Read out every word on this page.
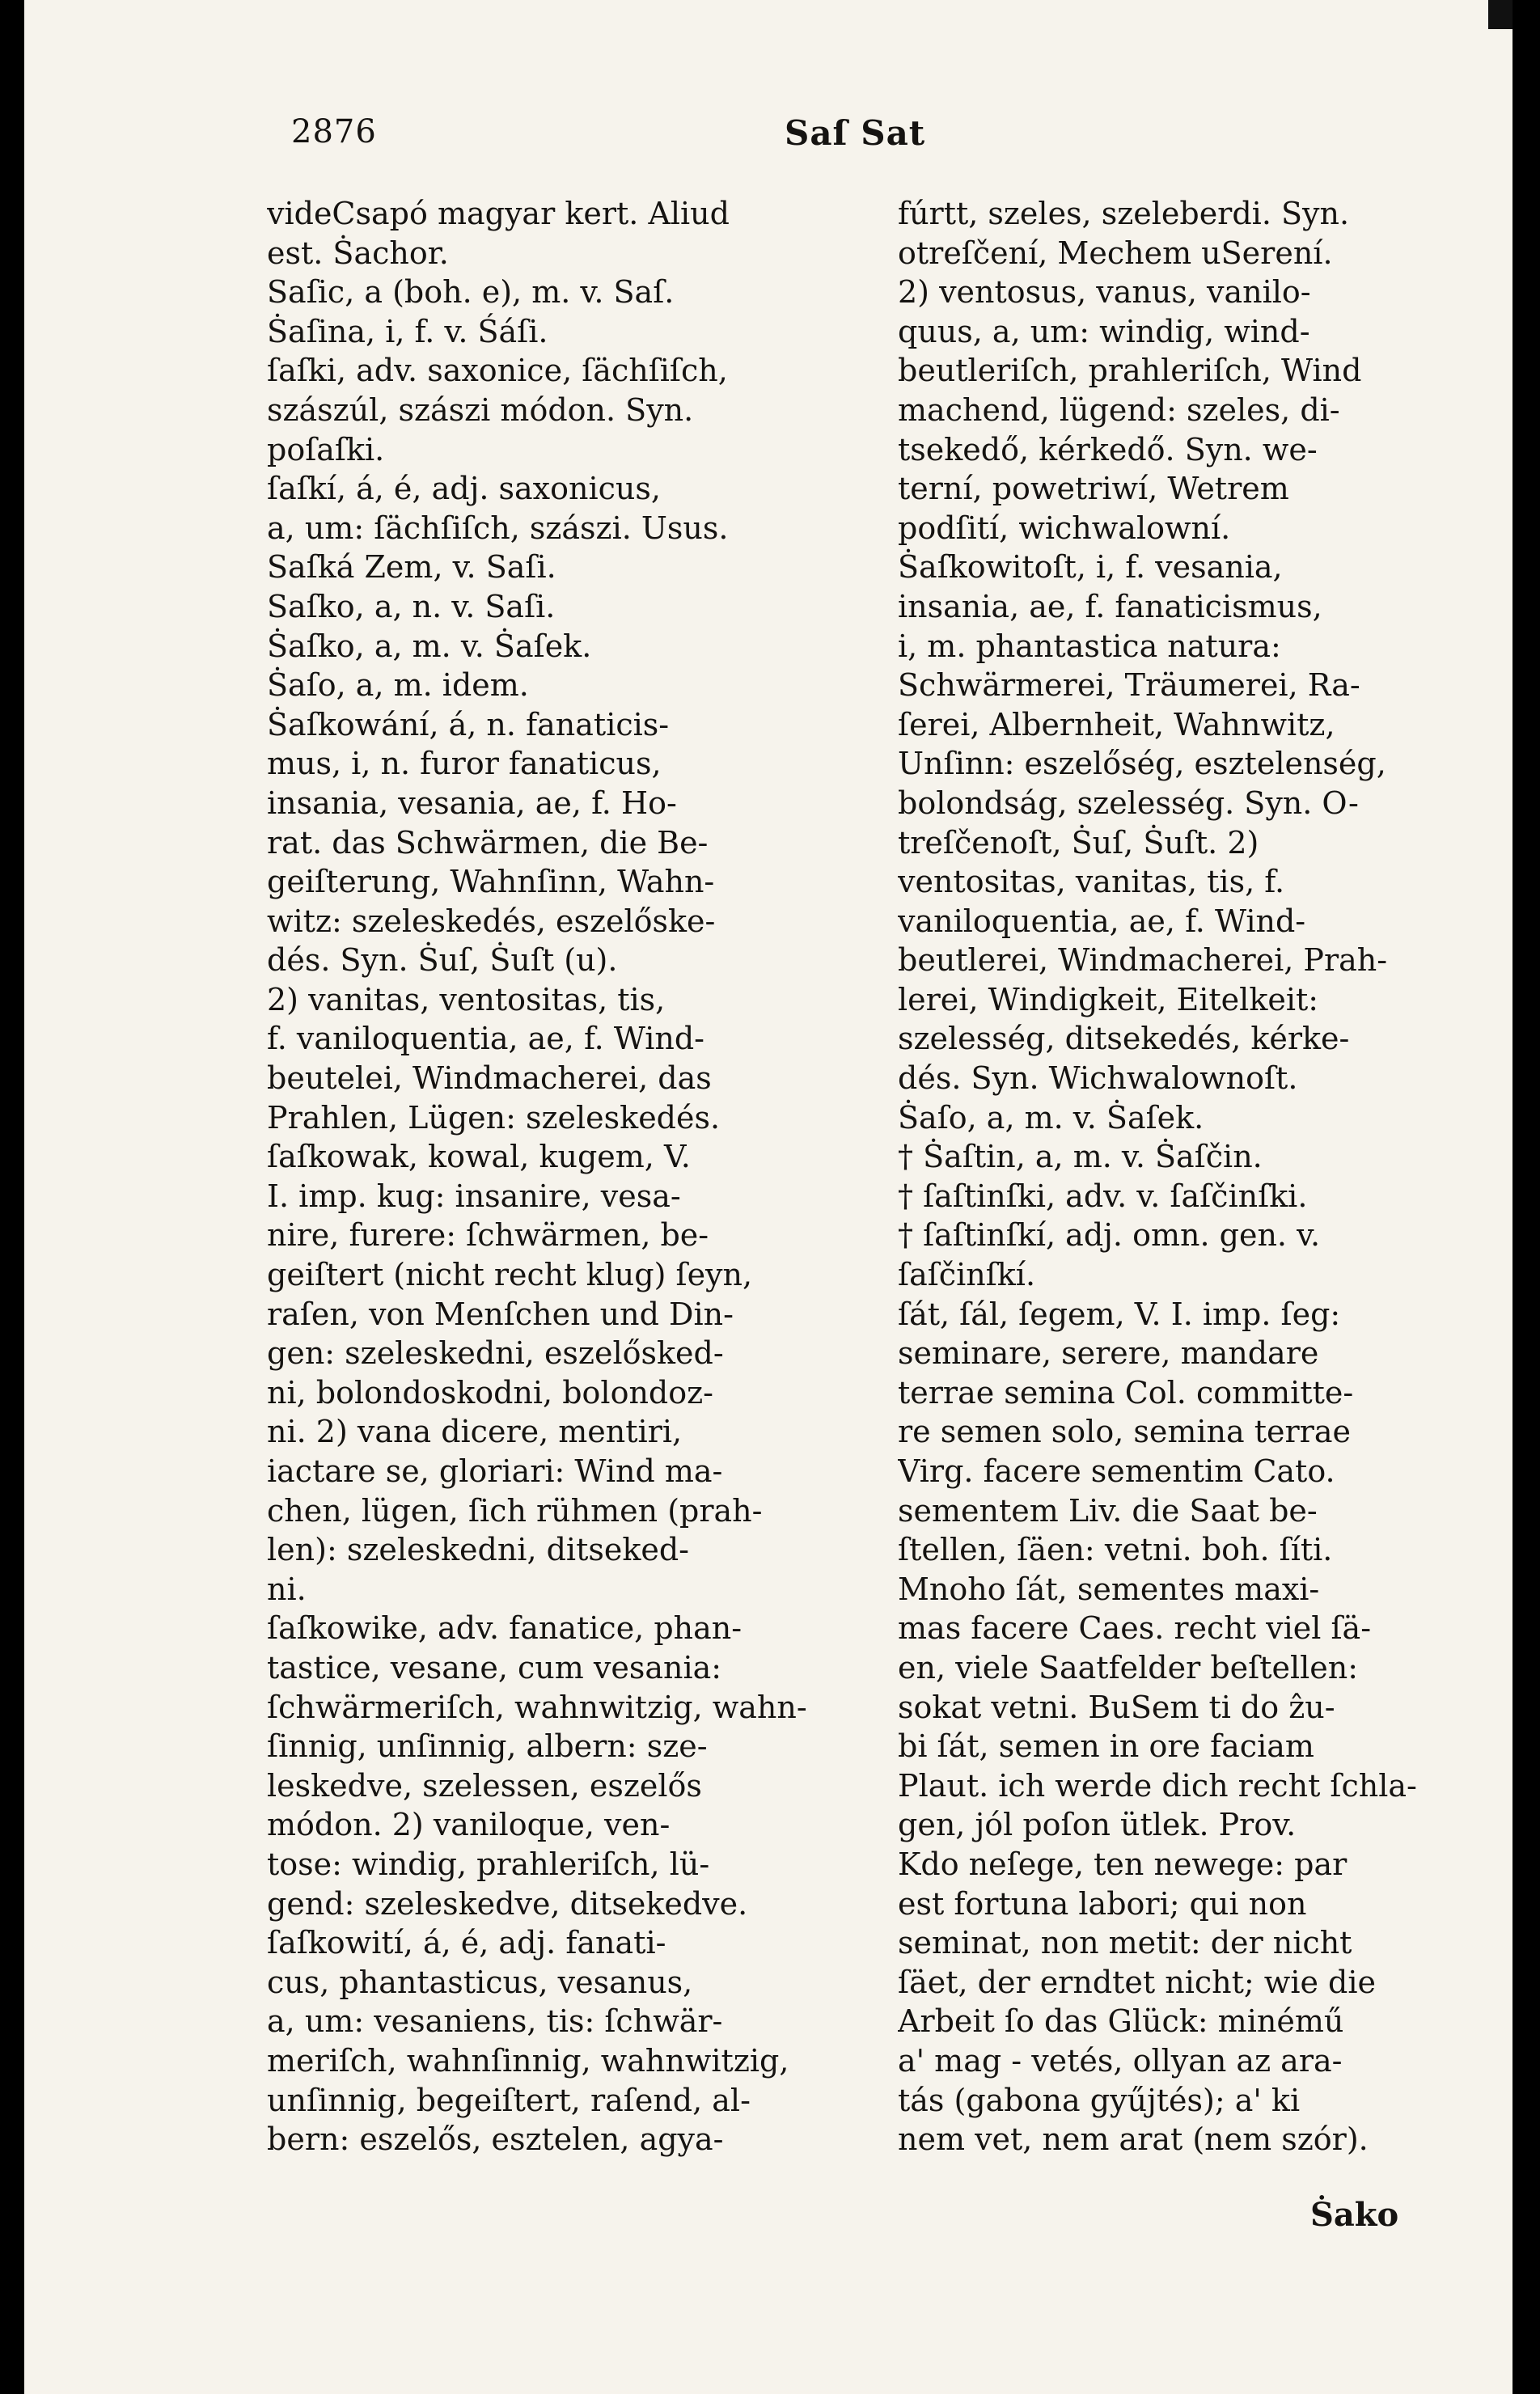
2876	Saſ Sat
videCsapó magyar kert. Aliud
est. Ṡachor.
Saſic, a (boh. e), m. v. Saſ.
Ṡaſina, i, f. v. Śáſi.
ſaſki, adv. saxonice, ſächſiſch,
szászúl, szászi módon. Syn.
poſaſki.
ſaſkí, á, é, adj. saxonicus,
a, um: ſächſiſch, szászi. Usus.
Saſká Zem, v. Saſi.
Saſko, a, n. v. Saſi.
Ṡaſko, a, m. v. Ṡaſek.
Ṡaſo, a, m. idem.
Ṡaſkowání, á, n. fanaticis-
mus, i, n. furor fanaticus,
insania, vesania, ae, f. Ho-
rat. das Schwärmen, die Be-
geiſterung, Wahnſinn, Wahn-
witz: szeleskedés, eszelőske-
dés. Syn. Ṡuſ, Ṡuſt (u).
2) vanitas, ventositas, tis,
f. vaniloquentia, ae, f. Wind-
beutelei, Windmacherei, das
Prahlen, Lügen: szeleskedés.
ſaſkowak, kowal, kugem, V.
I. imp. kug: insanire, vesa-
nire, furere: ſchwärmen, be-
geiſtert (nicht recht klug) ſeyn,
raſen, von Menſchen und Din-
gen: szeleskedni, eszelősked-
ni, bolondoskodni, bolondoz-
ni. 2) vana dicere, mentiri,
iactare se, gloriari: Wind ma-
chen, lügen, ſich rühmen (prah-
len): szeleskedni, ditseked-
ni.
ſaſkowike, adv. fanatice, phan-
tastice, vesane, cum vesania:
ſchwärmeriſch, wahnwitzig, wahn-
ſinnig, unſinnig, albern: sze-
leskedve, szelessen, eszelős
módon. 2) vaniloque, ven-
tose: windig, prahleriſch, lü-
gend: szeleskedve, ditsekedve.
ſaſkowití, á, é, adj. fanati-
cus, phantasticus, vesanus,
a, um: vesaniens, tis: ſchwär-
meriſch, wahnſinnig, wahnwitzig,
unſinnig, begeiſtert, raſend, al-
bern: eszelős, esztelen, agya-
fúrtt, szeles, szeleberdi. Syn.
otreſčení, Mechem uSerení.
2) ventosus, vanus, vanilo-
quus, a, um: windig, wind-
beutleriſch, prahleriſch, Wind
machend, lügend: szeles, di-
tsekedő, kérkedő. Syn. we-
terní, powetriwí, Wetrem
podſití, wichwalowní.
Ṡaſkowitoſt, i, f. vesania,
insania, ae, f. fanaticismus,
i, m. phantastica natura:
Schwärmerei, Träumerei, Ra-
ſerei, Albernheit, Wahnwitz,
Unſinn: eszelőség, esztelenség,
bolondság, szelesség. Syn. O-
treſčenoſt, Ṡuſ, Ṡuſt. 2)
ventositas, vanitas, tis, f.
vaniloquentia, ae, f. Wind-
beutlerei, Windmacherei, Prah-
lerei, Windigkeit, Eitelkeit:
szelesség, ditsekedés, kérke-
dés. Syn. Wichwalownoſt.
Ṡaſo, a, m. v. Ṡaſek.
† Ṡaſtin, a, m. v. Ṡaſčin.
† ſaſtinſki, adv. v. ſaſčinſki.
† ſaſtinſkí, adj. omn. gen. v.
ſaſčinſkí.
ſát, ſál, ſegem, V. I. imp. ſeg:
seminare, serere, mandare
terrae semina Col. committe-
re semen solo, semina terrae
Virg. facere sementim Cato.
sementem Liv. die Saat be-
ſtellen, ſäen: vetni. boh. ſíti.
Mnoho ſát, sementes maxi-
mas facere Caes. recht viel ſä-
en, viele Saatfelder beſtellen:
sokat vetni. BuSem ti do ẑu-
bi ſát, semen in ore faciam
Plaut. ich werde dich recht ſchla-
gen, jól poſon ütlek. Prov.
Kdo neſege, ten newege: par
est fortuna labori; qui non
seminat, non metit: der nicht
ſäet, der erndtet nicht; wie die
Arbeit ſo das Glück: minémű
a' mag - vetés, ollyan az ara-
tás (gabona gyűjtés); a' ki
nem vet, nem arat (nem szór).
Ṡako
